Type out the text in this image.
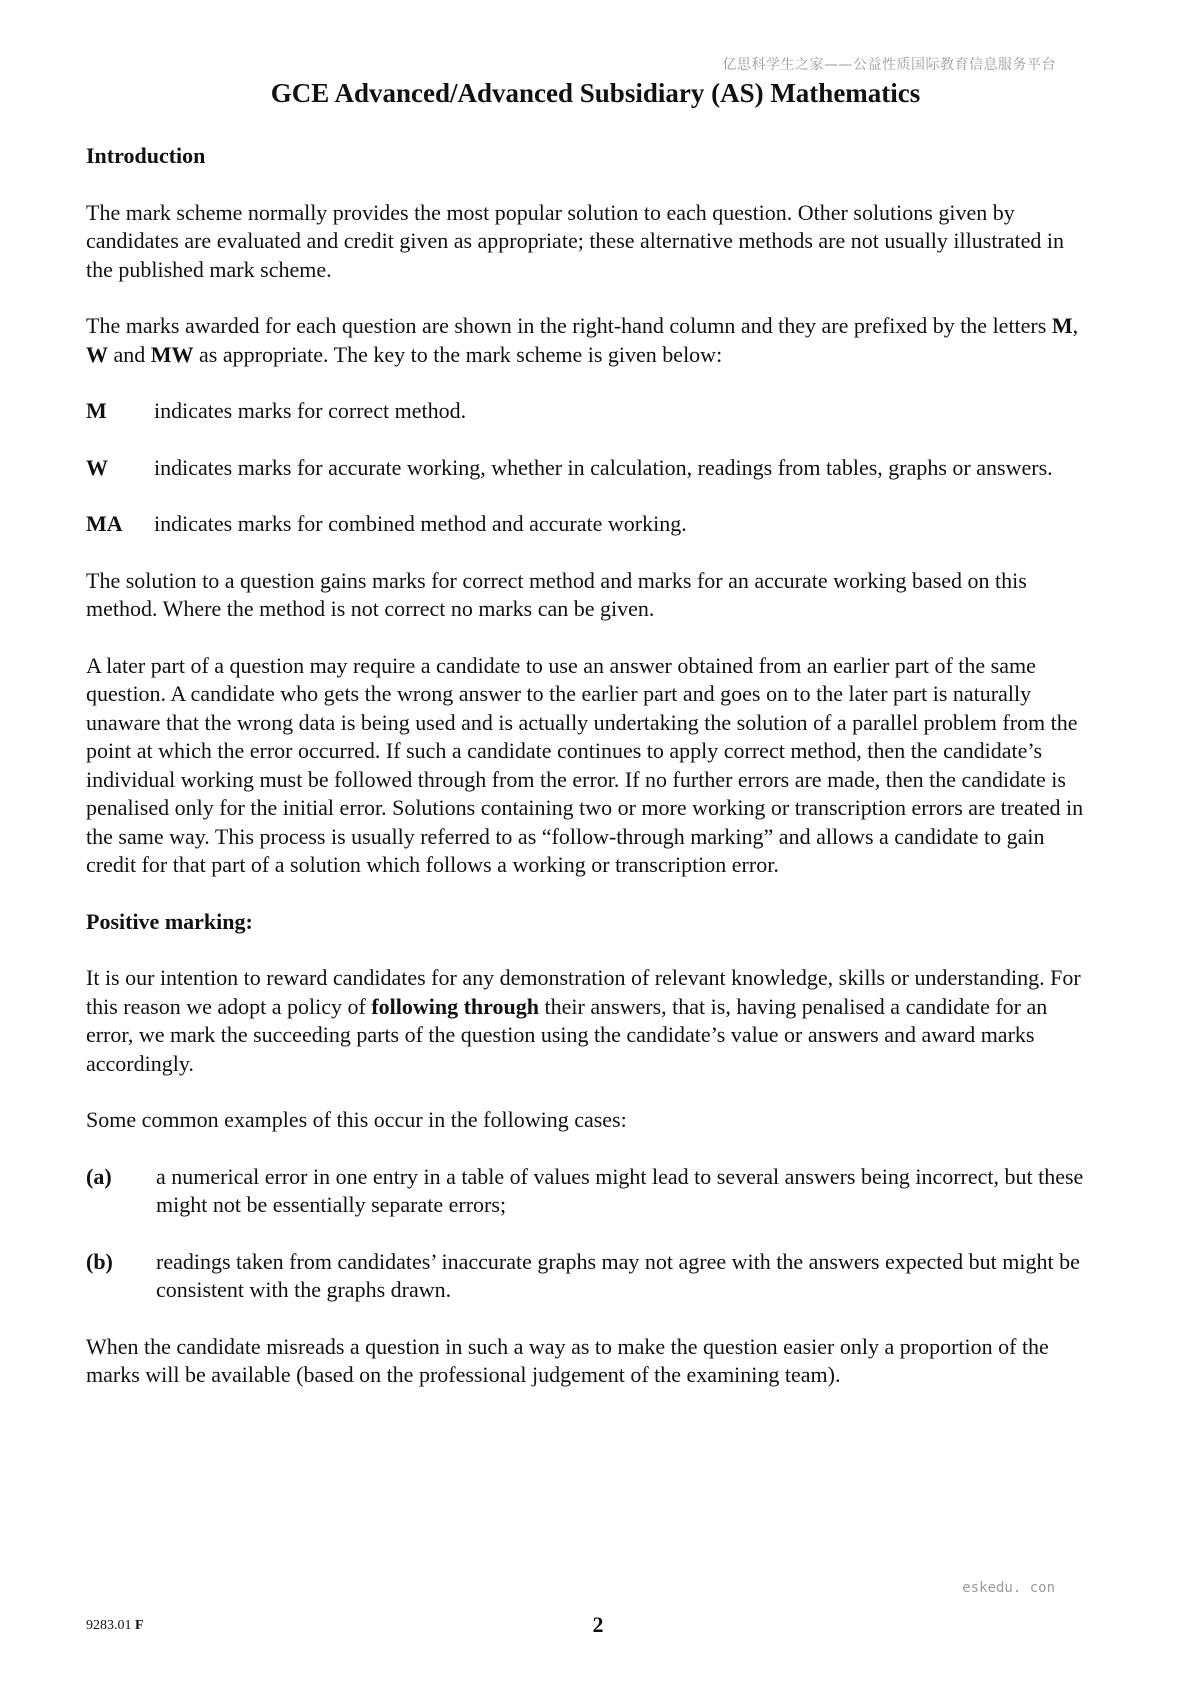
亿思科学生之家——公益性质国际教育信息服务平台
GCE Advanced/Advanced Subsidiary (AS) Mathematics

Introduction

The mark scheme normally provides the most popular solution to each question. Other solutions given by candidates are evaluated and credit given as appropriate; these alternative methods are not usually illustrated in the published mark scheme.

The marks awarded for each question are shown in the right-hand column and they are prefixed by the letters M, W and MW as appropriate. The key to the mark scheme is given below:

M	indicates marks for correct method.
W	indicates marks for accurate working, whether in calculation, readings from tables, graphs or answers.
MA	indicates marks for combined method and accurate working.

The solution to a question gains marks for correct method and marks for an accurate working based on this method. Where the method is not correct no marks can be given.

A later part of a question may require a candidate to use an answer obtained from an earlier part of the same question. A candidate who gets the wrong answer to the earlier part and goes on to the later part is naturally unaware that the wrong data is being used and is actually undertaking the solution of a parallel problem from the point at which the error occurred. If such a candidate continues to apply correct method, then the candidate’s individual working must be followed through from the error. If no further errors are made, then the candidate is penalised only for the initial error. Solutions containing two or more working or transcription errors are treated in the same way. This process is usually referred to as “follow-through marking” and allows a candidate to gain credit for that part of a solution which follows a working or transcription error.

Positive marking:

It is our intention to reward candidates for any demonstration of relevant knowledge, skills or understanding. For this reason we adopt a policy of following through their answers, that is, having penalised a candidate for an error, we mark the succeeding parts of the question using the candidate’s value or answers and award marks accordingly.

Some common examples of this occur in the following cases:

(a)	a numerical error in one entry in a table of values might lead to several answers being incorrect, but these might not be essentially separate errors;
(b)	readings taken from candidates’ inaccurate graphs may not agree with the answers expected but might be consistent with the graphs drawn.

When the candidate misreads a question in such a way as to make the question easier only a proportion of the marks will be available (based on the professional judgement of the examining team).

eskedu. con
9283.01 F	2
